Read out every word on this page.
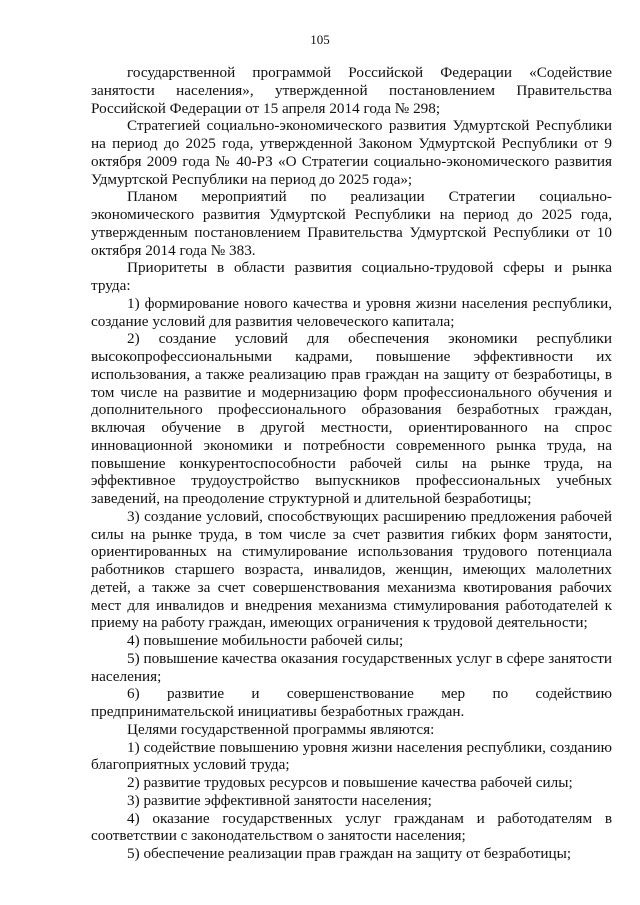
105

государственной программой Российской Федерации «Содействие занятости населения», утвержденной постановлением Правительства Российской Федерации от 15 апреля 2014 года № 298;

Стратегией социально-экономического развития Удмуртской Республики на период до 2025 года, утвержденной Законом Удмуртской Республики от 9 октября 2009 года № 40-РЗ «О Стратегии социально-экономического развития Удмуртской Республики на период до 2025 года»;

Планом мероприятий по реализации Стратегии социально-экономического развития Удмуртской Республики на период до 2025 года, утвержденным постановлением Правительства Удмуртской Республики от 10 октября 2014 года № 383.

Приоритеты в области развития социально-трудовой сферы и рынка труда:

1) формирование нового качества и уровня жизни населения республики, создание условий для развития человеческого капитала;

2) создание условий для обеспечения экономики республики высокопрофессиональными кадрами, повышение эффективности их использования, а также реализацию прав граждан на защиту от безработицы, в том числе на развитие и модернизацию форм профессионального обучения и дополнительного профессионального образования безработных граждан, включая обучение в другой местности, ориентированного на спрос инновационной экономики и потребности современного рынка труда, на повышение конкурентоспособности рабочей силы на рынке труда, на эффективное трудоустройство выпускников профессиональных учебных заведений, на преодоление структурной и длительной безработицы;

3) создание условий, способствующих расширению предложения рабочей силы на рынке труда, в том числе за счет развития гибких форм занятости, ориентированных на стимулирование использования трудового потенциала работников старшего возраста, инвалидов, женщин, имеющих малолетних детей, а также за счет совершенствования механизма квотирования рабочих мест для инвалидов и внедрения механизма стимулирования работодателей к приему на работу граждан, имеющих ограничения к трудовой деятельности;

4) повышение мобильности рабочей силы;

5) повышение качества оказания государственных услуг в сфере занятости населения;

6) развитие и совершенствование мер по содействию предпринимательской инициативы безработных граждан.

Целями государственной программы являются:

1) содействие повышению уровня жизни населения республики, созданию благоприятных условий труда;

2) развитие трудовых ресурсов и повышение качества рабочей силы;

3) развитие эффективной занятости населения;

4) оказание государственных услуг гражданам и работодателям в соответствии с законодательством о занятости населения;

5) обеспечение реализации прав граждан на защиту от безработицы;
